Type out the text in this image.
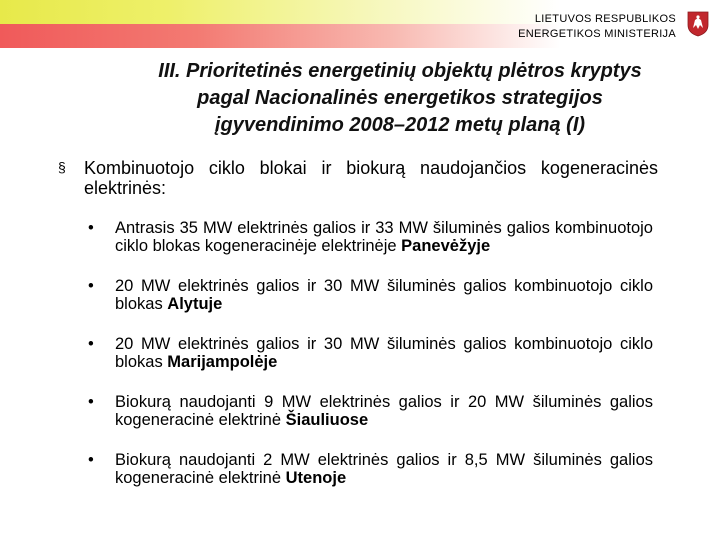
LIETUVOS RESPUBLIKOS
ENERGETIKOS MINISTERIJA
III. Prioritetinės energetinių objektų plėtros kryptys
pagal Nacionalinės energetikos strategijos
įgyvendinimo 2008–2012 metų planą (I)
§ Kombinuotojo ciklo blokai ir biokurą naudojančios kogeneracinės elektrinės:
• Antrasis 35 MW elektrinės galios ir 33 MW šiluminės galios kombinuotojo ciklo blokas kogeneracinėje elektrinėje Panevėžyje
• 20 MW elektrinės galios ir 30 MW šiluminės galios kombinuotojo ciklo blokas Alytuje
• 20 MW elektrinės galios ir 30 MW šiluminės galios kombinuotojo ciklo blokas Marijampolėje
• Biokurą naudojanti 9 MW elektrinės galios ir 20 MW šiluminės galios kogeneracinė elektrinė Šiauliuose
• Biokurą naudojanti 2 MW elektrinės galios ir 8,5 MW šiluminės galios kogeneracinė elektrinė Utenoje
